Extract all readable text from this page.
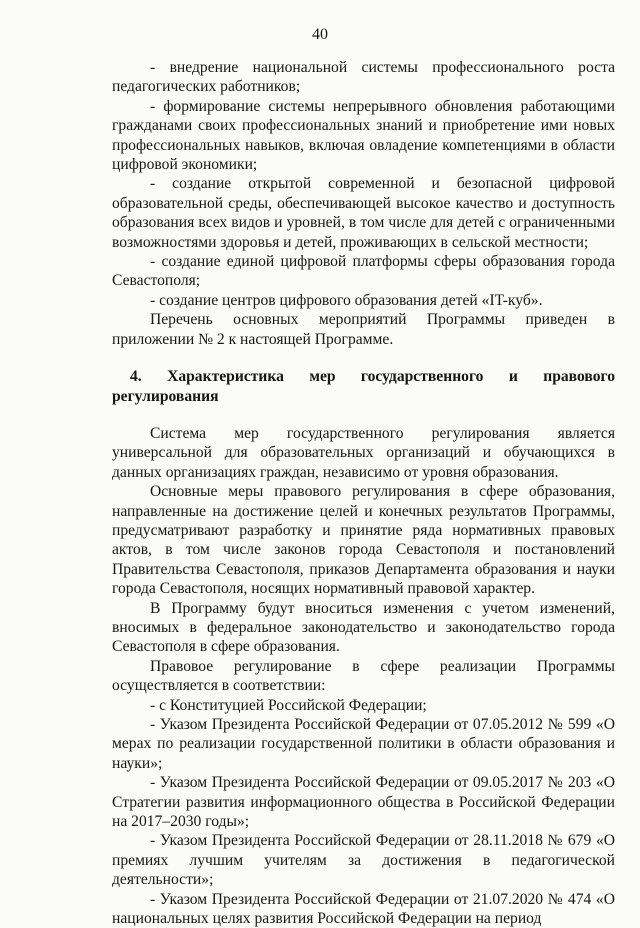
40

- внедрение национальной системы профессионального роста педагогических работников;

- формирование системы непрерывного обновления работающими гражданами своих профессиональных знаний и приобретение ими новых профессиональных навыков, включая овладение компетенциями в области цифровой экономики;

- создание открытой современной и безопасной цифровой образовательной среды, обеспечивающей высокое качество и доступность образования всех видов и уровней, в том числе для детей с ограниченными возможностями здоровья и детей, проживающих в сельской местности;

- создание единой цифровой платформы сферы образования города Севастополя;

- создание центров цифрового образования детей «IT-куб».

Перечень основных мероприятий Программы приведен в приложении № 2 к настоящей Программе.

4. Характеристика мер государственного и правового регулирования

Система мер государственного регулирования является универсальной для образовательных организаций и обучающихся в данных организациях граждан, независимо от уровня образования.

Основные меры правового регулирования в сфере образования, направленные на достижение целей и конечных результатов Программы, предусматривают разработку и принятие ряда нормативных правовых актов, в том числе законов города Севастополя и постановлений Правительства Севастополя, приказов Департамента образования и науки города Севастополя, носящих нормативный правовой характер.

В Программу будут вноситься изменения с учетом изменений, вносимых в федеральное законодательство и законодательство города Севастополя в сфере образования.

Правовое регулирование в сфере реализации Программы осуществляется в соответствии:

- с Конституцией Российской Федерации;

- Указом Президента Российской Федерации от 07.05.2012 № 599 «О мерах по реализации государственной политики в области образования и науки»;

- Указом Президента Российской Федерации от 09.05.2017 № 203 «О Стратегии развития информационного общества в Российской Федерации на 2017–2030 годы»;

- Указом Президента Российской Федерации от 28.11.2018 № 679 «О премиях лучшим учителям за достижения в педагогической деятельности»;

- Указом Президента Российской Федерации от 21.07.2020 № 474 «О национальных целях развития Российской Федерации на период
